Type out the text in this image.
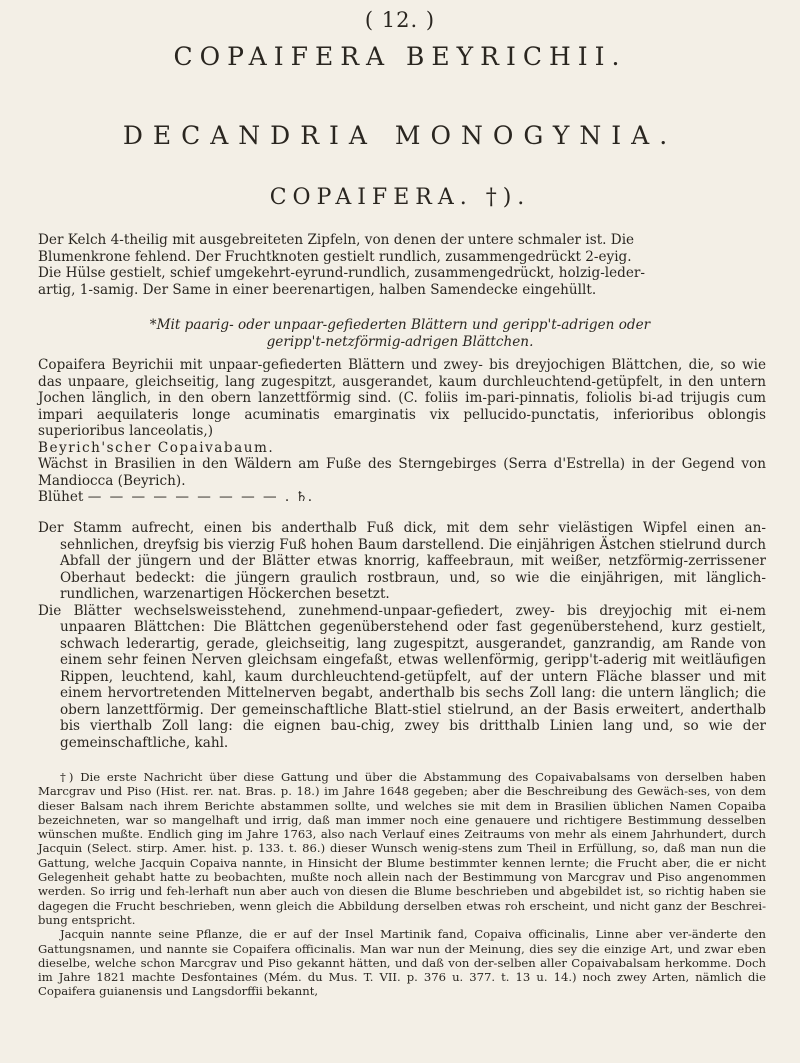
( 12. )
COPAIFERA BEYRICHII.
DECANDRIA MONOGYNIA.
COPAIFERA. †).

Der Kelch 4-theilig mit ausgebreiteten Zipfeln, von denen der untere schmaler ist. Die

Blumenkrone fehlend. Der Fruchtknoten gestielt rundlich, zusammengedrückt 2-eyig.

Die Hülse gestielt, schief umgekehrt-eyrund-rundlich, zusammengedrückt, holzig-leder-

artig, 1-samig. Der Same in einer beerenartigen, halben Samendecke eingehüllt.

*Mit paarig- oder unpaar-gefiederten Blättern und geripp't-adrigen oder
geripp't-netzförmig-adrigen Blättchen.

Copaifera Beyrichii mit unpaar-gefiederten Blättern und zwey- bis dreyjochigen Blättchen, die, so wie das unpaare, gleichseitig, lang zugespitzt, ausgerandet, kaum durchleuchtend-getüpfelt, in den untern Jochen länglich, in den obern lanzettförmig sind. (C. foliis im-pari-pinnatis, foliolis bi-ad trijugis cum impari aequilateris longe acuminatis emarginatis vix pellucido-punctatis, inferioribus oblongis superioribus lanceolatis,)

Beyrich'scher Copaivabaum.

Wächst in Brasilien in den Wäldern am Fuße des Sterngebirges (Serra d'Estrella) in der Gegend von Mandiocca (Beyrich).

Blühet — — — — — — — — — . ♄.

Der Stamm aufrecht, einen bis anderthalb Fuß dick, mit dem sehr vielästigen Wipfel einen an-sehnlichen, dreyfsig bis vierzig Fuß hohen Baum darstellend. Die einjährigen Ästchen stielrund durch Abfall der jüngern und der Blätter etwas knorrig, kaffeebraun, mit weißer, netzförmig-zerrissener Oberhaut bedeckt: die jüngern graulich rostbraun, und, so wie die einjährigen, mit länglich-rundlichen, warzenartigen Höckerchen besetzt.

Die Blätter wechselsweisstehend, zunehmend-unpaar-gefiedert, zwey- bis dreyjochig mit ei-nem unpaaren Blättchen: Die Blättchen gegenüberstehend oder fast gegenüberstehend, kurz gestielt, schwach lederartig, gerade, gleichseitig, lang zugespitzt, ausgerandet, ganzrandig, am Rande von einem sehr feinen Nerven gleichsam eingefaßt, etwas wellenförmig, geripp't-aderig mit weitläufigen Rippen, leuchtend, kahl, kaum durchleuchtend-getüpfelt, auf der untern Fläche blasser und mit einem hervortretenden Mittelnerven begabt, anderthalb bis sechs Zoll lang: die untern länglich; die obern lanzettförmig. Der gemeinschaftliche Blatt-stiel stielrund, an der Basis erweitert, anderthalb bis vierthalb Zoll lang: die eignen bau-chig, zwey bis dritthalb Linien lang und, so wie der gemeinschaftliche, kahl.

†) Die erste Nachricht über diese Gattung und über die Abstammung des Copaivabalsams von derselben haben Marcgrav und Piso (Hist. rer. nat. Bras. p. 18.) im Jahre 1648 gegeben; aber die Beschreibung des Gewäch-ses, von dem dieser Balsam nach ihrem Berichte abstammen sollte, und welches sie mit dem in Brasilien üblichen Namen Copaiba bezeichneten, war so mangelhaft und irrig, daß man immer noch eine genauere und richtigere Bestimmung desselben wünschen mußte. Endlich ging im Jahre 1763, also nach Verlauf eines Zeitraums von mehr als einem Jahrhundert, durch Jacquin (Select. stirp. Amer. hist. p. 133. t. 86.) dieser Wunsch wenig-stens zum Theil in Erfüllung, so, daß man nun die Gattung, welche Jacquin Copaiva nannte, in Hinsicht der Blume bestimmter kennen lernte; die Frucht aber, die er nicht Gelegenheit gehabt hatte zu beobachten, mußte noch allein nach der Bestimmung von Marcgrav und Piso angenommen werden. So irrig und feh-lerhaft nun aber auch von diesen die Blume beschrieben und abgebildet ist, so richtig haben sie dagegen die Frucht beschrieben, wenn gleich die Abbildung derselben etwas roh erscheint, und nicht ganz der Beschrei-bung entspricht.

Jacquin nannte seine Pflanze, die er auf der Insel Martinik fand, Copaiva officinalis, Linne aber ver-änderte den Gattungsnamen, und nannte sie Copaifera officinalis. Man war nun der Meinung, dies sey die einzige Art, und zwar eben dieselbe, welche schon Marcgrav und Piso gekannt hätten, und daß von der-selben aller Copaivabalsam herkomme. Doch im Jahre 1821 machte Desfontaines (Mém. du Mus. T. VII. p. 376 u. 377. t. 13 u. 14.) noch zwey Arten, nämlich die Copaifera guianensis und Langsdorffii bekannt,
